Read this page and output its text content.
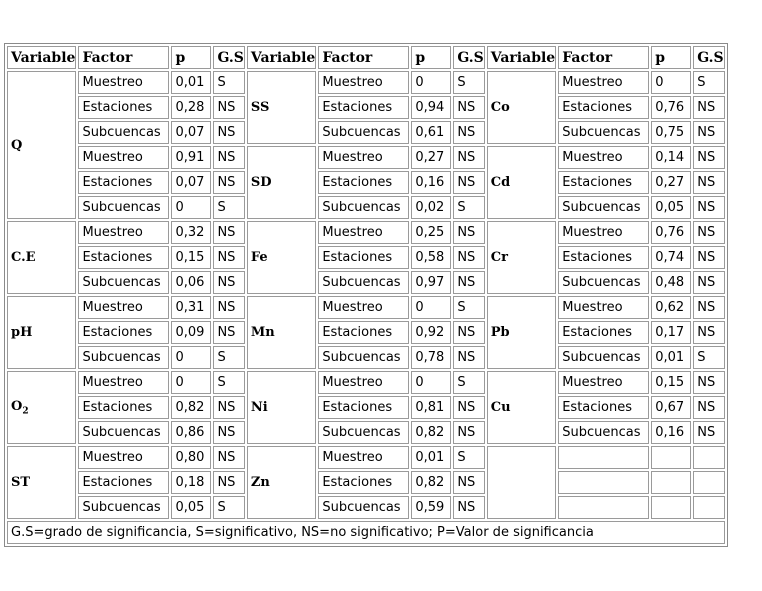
Variable	Factor	p	G.S	Variable	Factor	p	G.S	Variable	Factor	p	G.S
Q	Muestreo	0,01	S	SS	Muestreo	0	S	Co	Muestreo	0	S
	Estaciones	0,28	NS		Estaciones	0,94	NS		Estaciones	0,76	NS
	Subcuencas	0,07	NS		Subcuencas	0,61	NS		Subcuencas	0,75	NS
	Muestreo	0,91	NS	SD	Muestreo	0,27	NS	Cd	Muestreo	0,14	NS
	Estaciones	0,07	NS		Estaciones	0,16	NS		Estaciones	0,27	NS
	Subcuencas	0	S		Subcuencas	0,02	S		Subcuencas	0,05	NS
C.E	Muestreo	0,32	NS	Fe	Muestreo	0,25	NS	Cr	Muestreo	0,76	NS
	Estaciones	0,15	NS		Estaciones	0,58	NS		Estaciones	0,74	NS
	Subcuencas	0,06	NS		Subcuencas	0,97	NS		Subcuencas	0,48	NS
pH	Muestreo	0,31	NS	Mn	Muestreo	0	S	Pb	Muestreo	0,62	NS
	Estaciones	0,09	NS		Estaciones	0,92	NS		Estaciones	0,17	NS
	Subcuencas	0	S		Subcuencas	0,78	NS		Subcuencas	0,01	S
$O_2$	Muestreo	0	S	Ni	Muestreo	0	S	Cu	Muestreo	0,15	NS
	Estaciones	0,82	NS		Estaciones	0,81	NS		Estaciones	0,67	NS
	Subcuencas	0,86	NS		Subcuencas	0,82	NS		Subcuencas	0,16	NS
ST	Muestreo	0,80	NS	Zn	Muestreo	0,01	S				
	Estaciones	0,18	NS		Estaciones	0,82	NS				
	Subcuencas	0,05	S		Subcuencas	0,59	NS				
G.S=grado de significancia, S=significativo, NS=no significativo; P=Valor de significancia											
